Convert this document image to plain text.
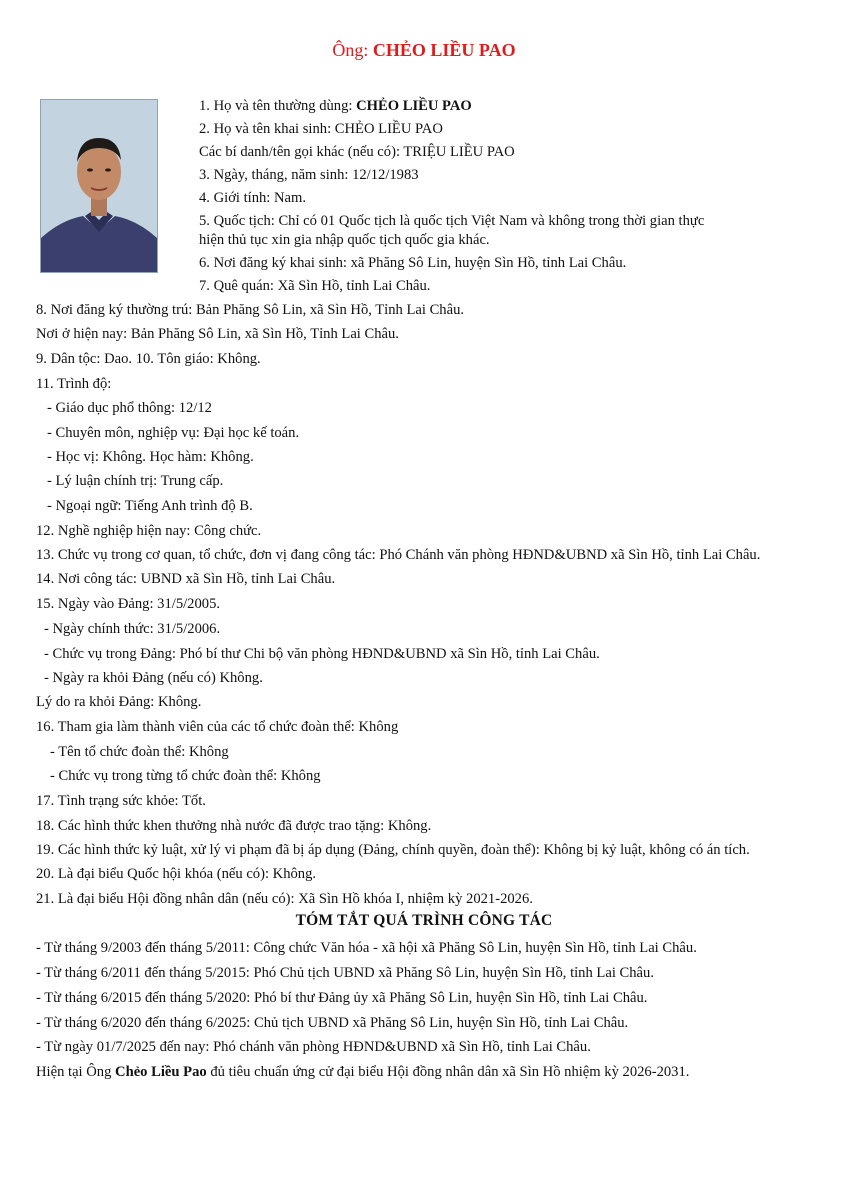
Ông: CHẺO LIỀU PAO
1. Họ và tên thường dùng: CHẺO LIỀU PAO
2. Họ và tên khai sinh: CHẺO LIỀU PAO
Các bí danh/tên gọi khác (nếu có): TRIỆU LIỀU PAO
3. Ngày, tháng, năm sinh: 12/12/1983
4. Giới tính: Nam.
5. Quốc tịch: Chỉ có 01 Quốc tịch là quốc tịch Việt Nam và không trong thời gian thực
hiện thủ tục xin gia nhập quốc tịch quốc gia khác.
6. Nơi đăng ký khai sinh: xã Phăng Sô Lin, huyện Sìn Hồ, tỉnh Lai Châu.
7. Quê quán: Xã Sìn Hồ, tỉnh Lai Châu.
8. Nơi đăng ký thường trú: Bản Phăng Sô Lin, xã Sìn Hồ, Tỉnh Lai Châu.
Nơi ở hiện nay: Bản Phăng Sô Lin, xã Sìn Hồ, Tỉnh Lai Châu.
9. Dân tộc: Dao. 10. Tôn giáo: Không.
11. Trình độ:
- Giáo dục phổ thông: 12/12
- Chuyên môn, nghiệp vụ: Đại học kế toán.
- Học vị: Không. Học hàm: Không.
- Lý luận chính trị: Trung cấp.
- Ngoại ngữ: Tiếng Anh trình độ B.
12. Nghề nghiệp hiện nay: Công chức.
13. Chức vụ trong cơ quan, tổ chức, đơn vị đang công tác: Phó Chánh văn phòng HĐND&UBND xã Sìn Hồ, tỉnh Lai Châu.
14. Nơi công tác: UBND xã Sìn Hồ, tỉnh Lai Châu.
15. Ngày vào Đảng: 31/5/2005.
- Ngày chính thức: 31/5/2006.
- Chức vụ trong Đảng: Phó bí thư Chi bộ văn phòng HĐND&UBND xã Sìn Hồ, tỉnh Lai Châu.
- Ngày ra khỏi Đảng (nếu có) Không.
Lý do ra khỏi Đảng: Không.
16. Tham gia làm thành viên của các tổ chức đoàn thể: Không
- Tên tổ chức đoàn thể: Không
- Chức vụ trong từng tổ chức đoàn thể: Không
17. Tình trạng sức khỏe: Tốt.
18. Các hình thức khen thưởng nhà nước đã được trao tặng: Không.
19. Các hình thức kỷ luật, xử lý vi phạm đã bị áp dụng (Đảng, chính quyền, đoàn thể): Không bị kỷ luật, không có án tích.
20. Là đại biểu Quốc hội khóa (nếu có): Không.
21. Là đại biểu Hội đồng nhân dân (nếu có): Xã Sìn Hồ khóa I, nhiệm kỳ 2021-2026.
TÓM TẮT QUÁ TRÌNH CÔNG TÁC
- Từ tháng 9/2003 đến tháng 5/2011: Công chức Văn hóa - xã hội xã Phăng Sô Lin, huyện Sìn Hồ, tỉnh Lai Châu.
- Từ tháng 6/2011 đến tháng 5/2015: Phó Chủ tịch UBND xã Phăng Sô Lin, huyện Sìn Hồ, tỉnh Lai Châu.
- Từ tháng 6/2015 đến tháng 5/2020: Phó bí thư Đảng ủy xã Phăng Sô Lin, huyện Sìn Hồ, tỉnh Lai Châu.
- Từ tháng 6/2020 đến tháng 6/2025: Chủ tịch UBND xã Phăng Sô Lin, huyện Sìn Hồ, tỉnh Lai Châu.
- Từ ngày 01/7/2025 đến nay: Phó chánh văn phòng HĐND&UBND xã Sìn Hồ, tỉnh Lai Châu.
Hiện tại Ông Chẻo Liều Pao đủ tiêu chuẩn ứng cử đại biểu Hội đồng nhân dân xã Sìn Hồ nhiệm kỳ 2026-2031.
